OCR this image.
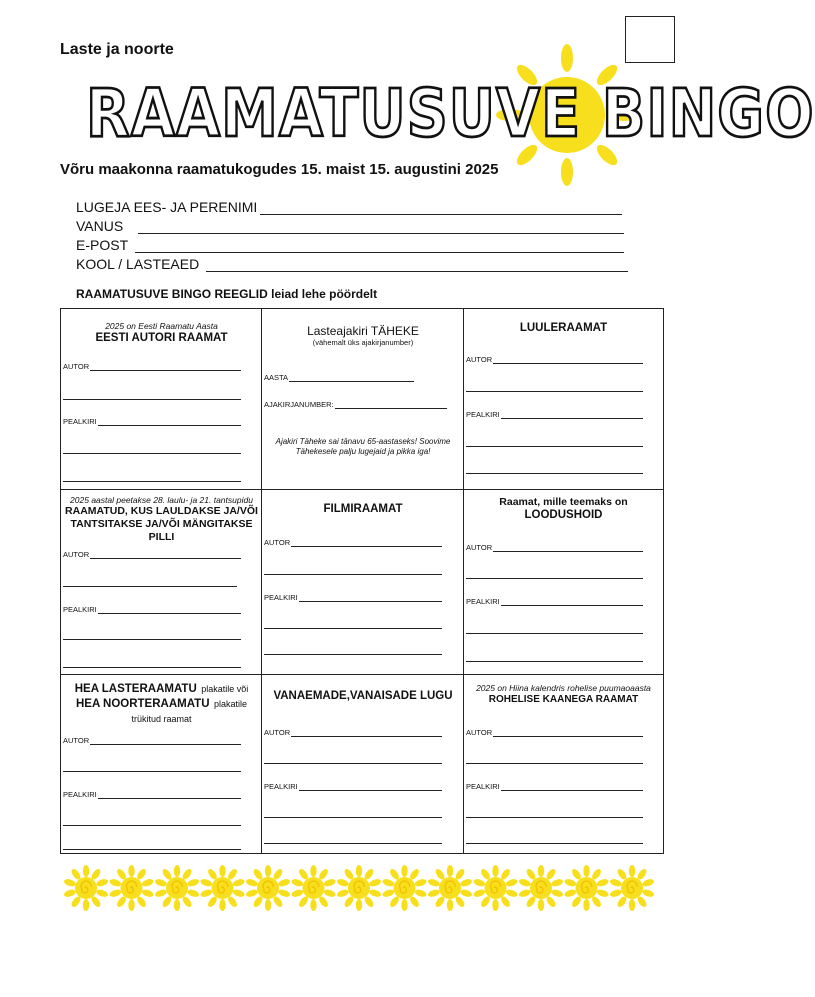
Laste ja noorte
RAAMATUSUVE BINGO
Võru maakonna raamatukogudes 15. maist 15. augustini 2025
LUGEJA EES- JA PERENIMI
VANUS
E-POST
KOOL / LASTEAED
RAAMATUSUVE BINGO REEGLID leiad lehe pöördelt
2025 on Eesti Raamatu Aasta
EESTI AUTORI RAAMAT
AUTOR
PEALKIRI
Lasteajakiri TÄHEKE
(vähemalt üks ajakirjanumber)
AASTA
AJAKIRJANUMBER:
Ajakiri Täheke sai tänavu 65-aastaseks! Soovime Tähekesele palju lugejaid ja pikka iga!
LUULERAAMAT
AUTOR
PEALKIRI
2025 aastal peetakse 28. laulu- ja 21. tantsupidu
RAAMATUD, KUS LAULDAKSE JA/VÕI TANTSITAKSE JA/VÕI MÄNGITAKSE PILLI
AUTOR
PEALKIRI
FILMIRAAMAT
AUTOR
PEALKIRI
Raamat, mille teemaks on
LOODUSHOID
AUTOR
PEALKIRI
HEA LASTERAAMATU plakatile või
HEA NOORTERAAMATU plakatile
trükitud raamat
AUTOR
PEALKIRI
VANAEMADE,VANAISADE LUGU
AUTOR
PEALKIRI
2025 on Hiina kalendris rohelise puumaoaasta
ROHELISE KAANEGA RAAMAT
AUTOR
PEALKIRI
